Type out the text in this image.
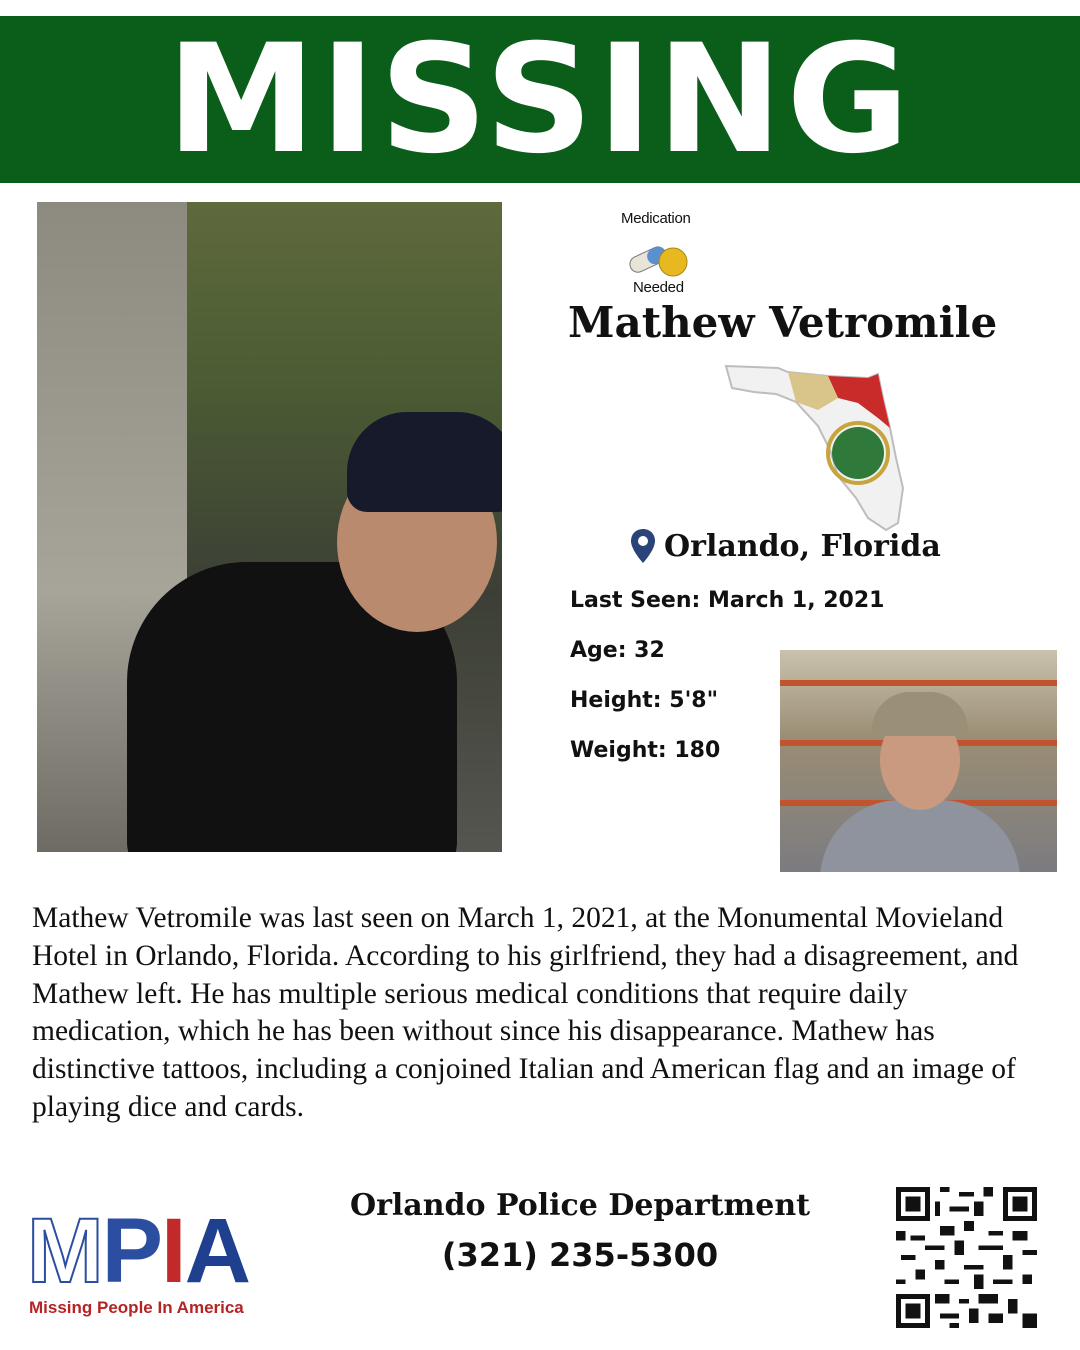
MISSING
Medication
Needed
Mathew Vetromile
Orlando, Florida
Last Seen: March 1, 2021
Age: 32
Height: 5'8"
Weight: 180

Mathew Vetromile was last seen on March 1, 2021, at the Monumental Movieland Hotel in Orlando, Florida. According to his girlfriend, they had a disagreement, and Mathew left. He has multiple serious medical conditions that require daily medication, which he has been without since his disappearance. Mathew has distinctive tattoos, including a conjoined Italian and American flag and an image of playing dice and cards.

MPIA
Missing People In America
Orlando Police Department
(321) 235-5300
